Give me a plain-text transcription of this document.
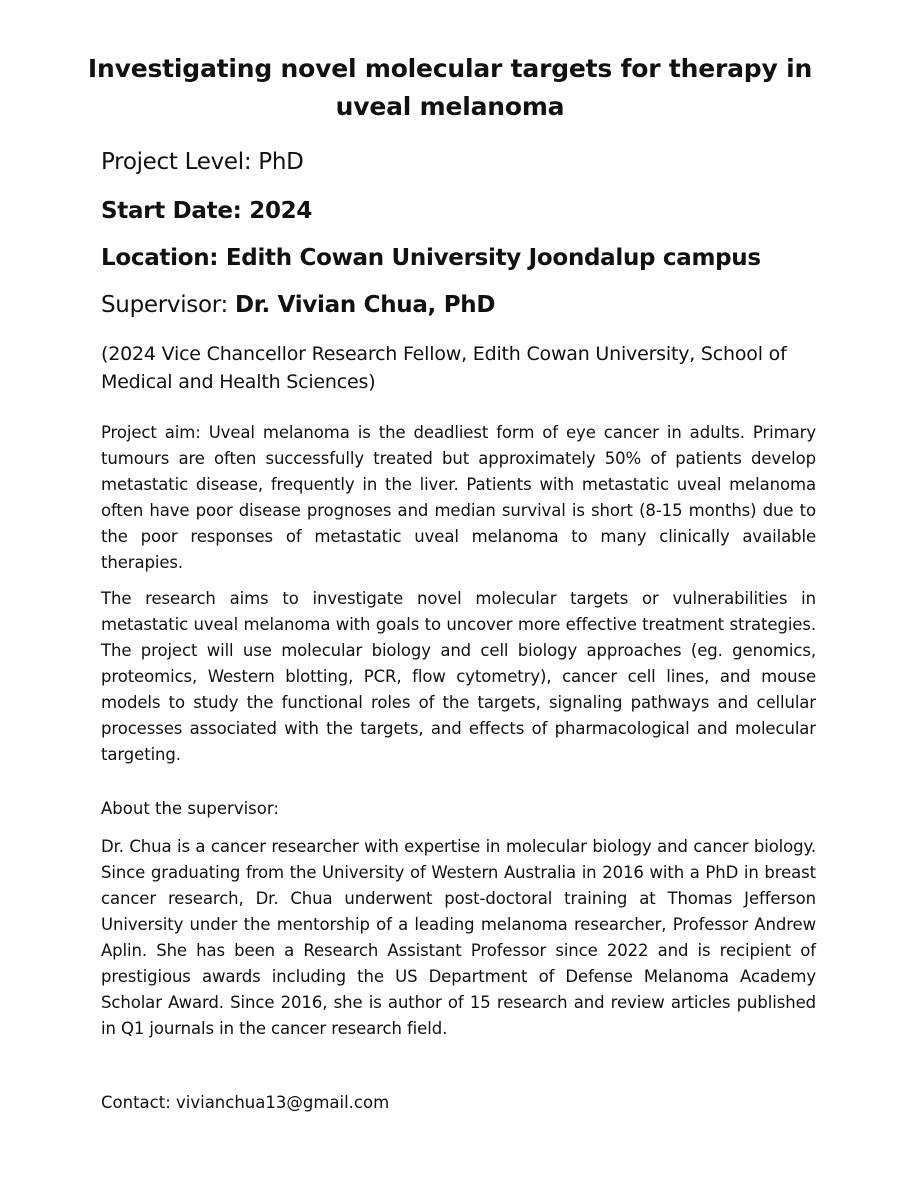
Investigating novel molecular targets for therapy in uveal melanoma
Project Level: PhD
Start Date: 2024
Location: Edith Cowan University Joondalup campus
Supervisor: Dr. Vivian Chua, PhD

(2024 Vice Chancellor Research Fellow, Edith Cowan University, School of Medical and Health Sciences)

Project aim: Uveal melanoma is the deadliest form of eye cancer in adults. Primary tumours are often successfully treated but approximately 50% of patients develop metastatic disease, frequently in the liver. Patients with metastatic uveal melanoma often have poor disease prognoses and median survival is short (8-15 months) due to the poor responses of metastatic uveal melanoma to many clinically available therapies.

The research aims to investigate novel molecular targets or vulnerabilities in metastatic uveal melanoma with goals to uncover more effective treatment strategies. The project will use molecular biology and cell biology approaches (eg. genomics, proteomics, Western blotting, PCR, flow cytometry), cancer cell lines, and mouse models to study the functional roles of the targets, signaling pathways and cellular processes associated with the targets, and effects of pharmacological and molecular targeting.

About the supervisor:

Dr. Chua is a cancer researcher with expertise in molecular biology and cancer biology. Since graduating from the University of Western Australia in 2016 with a PhD in breast cancer research, Dr. Chua underwent post-doctoral training at Thomas Jefferson University under the mentorship of a leading melanoma researcher, Professor Andrew Aplin. She has been a Research Assistant Professor since 2022 and is recipient of prestigious awards including the US Department of Defense Melanoma Academy Scholar Award. Since 2016, she is author of 15 research and review articles published in Q1 journals in the cancer research field.

Contact: vivianchua13@gmail.com
